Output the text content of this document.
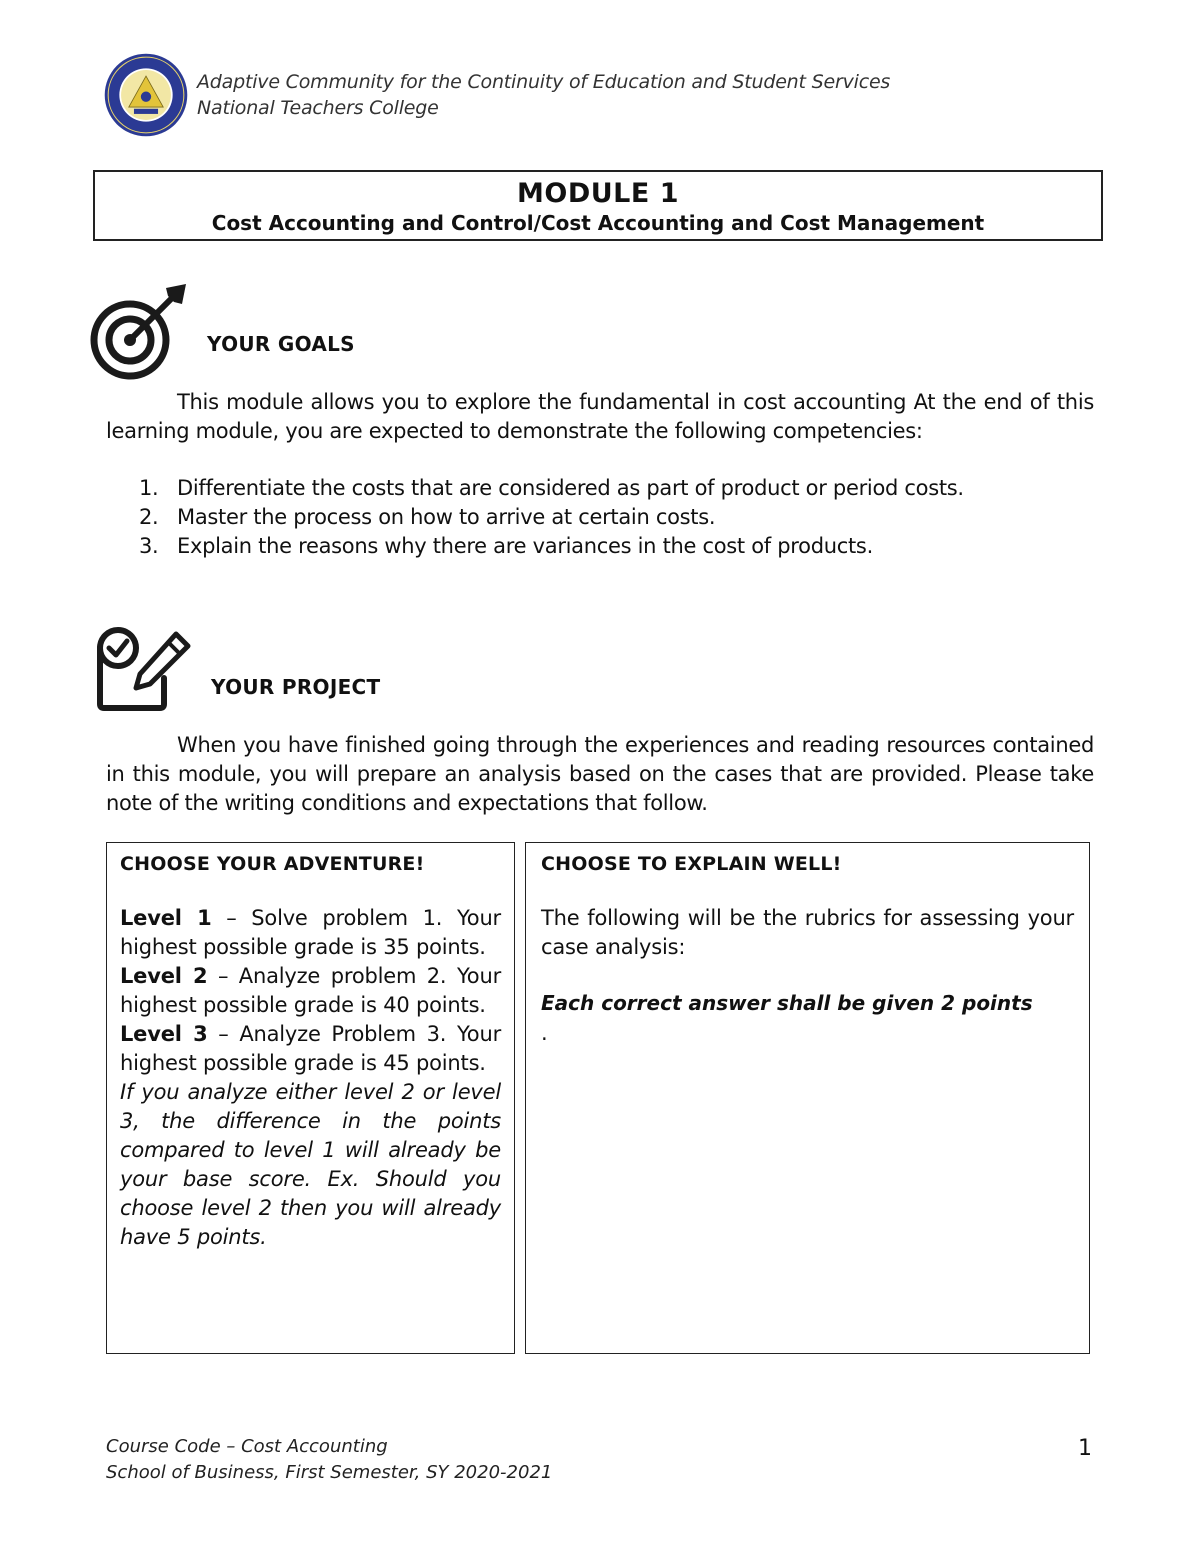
Adaptive Community for the Continuity of Education and Student Services
National Teachers College
MODULE 1
Cost Accounting and Control/Cost Accounting and Cost Management
YOUR GOALS
This module allows you to explore the fundamental in cost accounting At the end of this learning module, you are expected to demonstrate the following competencies:
1. Differentiate the costs that are considered as part of product or period costs.
2. Master the process on how to arrive at certain costs.
3. Explain the reasons why there are variances in the cost of products.
YOUR PROJECT
When you have finished going through the experiences and reading resources contained in this module, you will prepare an analysis based on the cases that are provided. Please take note of the writing conditions and expectations that follow.
CHOOSE YOUR ADVENTURE!
Level 1 – Solve problem 1. Your highest possible grade is 35 points.
Level 2 – Analyze problem 2. Your highest possible grade is 40 points.
Level 3 – Analyze Problem 3. Your highest possible grade is 45 points.
If you analyze either level 2 or level 3, the difference in the points compared to level 1 will already be your base score. Ex. Should you choose level 2 then you will already have 5 points.
CHOOSE TO EXPLAIN WELL!
The following will be the rubrics for assessing your case analysis:
Each correct answer shall be given 2 points
.
Course Code – Cost Accounting
School of Business, First Semester, SY 2020-2021
1
